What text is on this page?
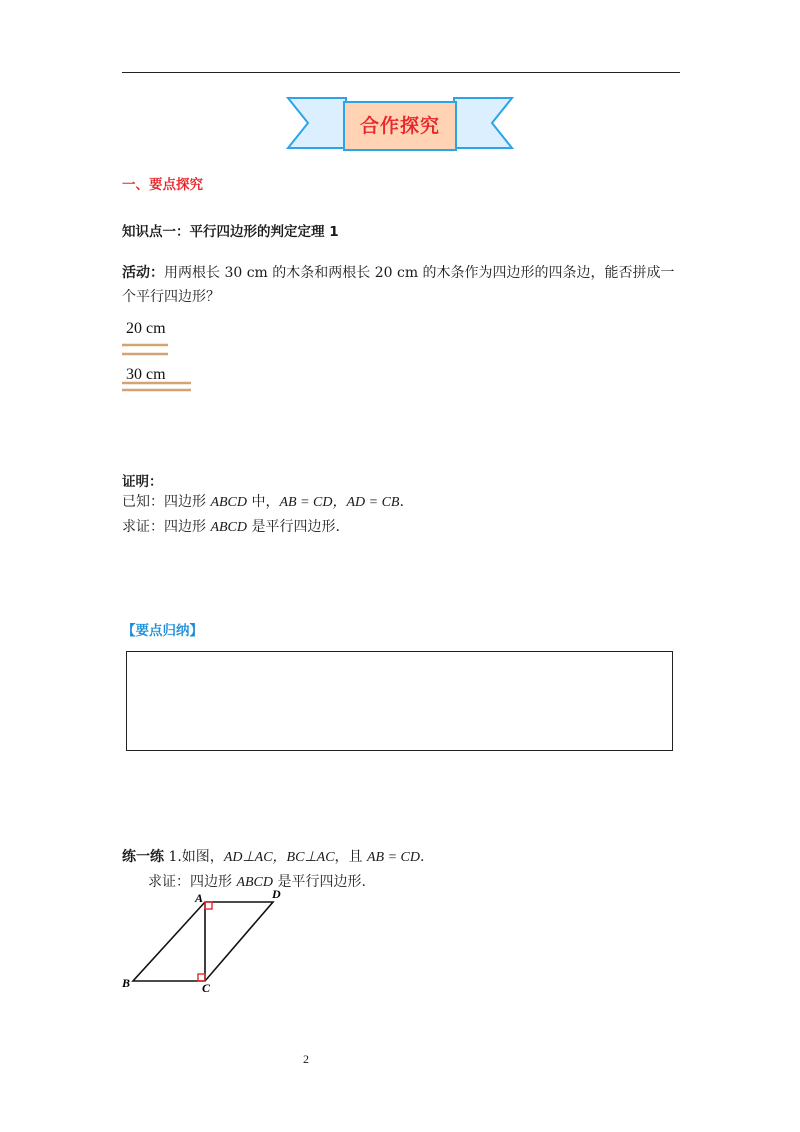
合作探究
一、要点探究
知识点一：平行四边形的判定定理 1
活动：用两根长 30 cm 的木条和两根长 20 cm 的木条作为四边形的四条边，能否拼成一
个平行四边形？
20 cm
30 cm
证明：
已知：四边形 ABCD 中，AB = CD，AD = CB.
求证：四边形 ABCD 是平行四边形.
【要点归纳】
练一练 1.如图，AD⊥AC，BC⊥AC，且 AB = CD.
求证：四边形 ABCD 是平行四边形.
A	D
B	C
2
